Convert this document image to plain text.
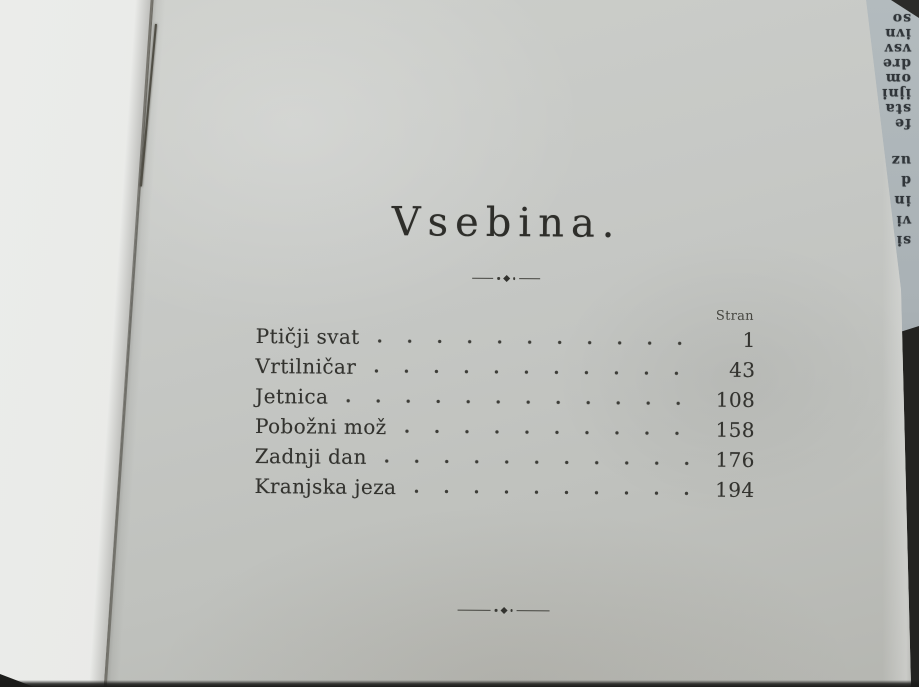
so
ivn
vsv
dre
om
ijni
sta
fe
uz
d
in
vi
si
Vsebina.
Stran
Ptičji svat	1
Vrtilničar	43
Jetnica	108
Pobožni mož	158
Zadnji dan	176
Kranjska jeza	194
